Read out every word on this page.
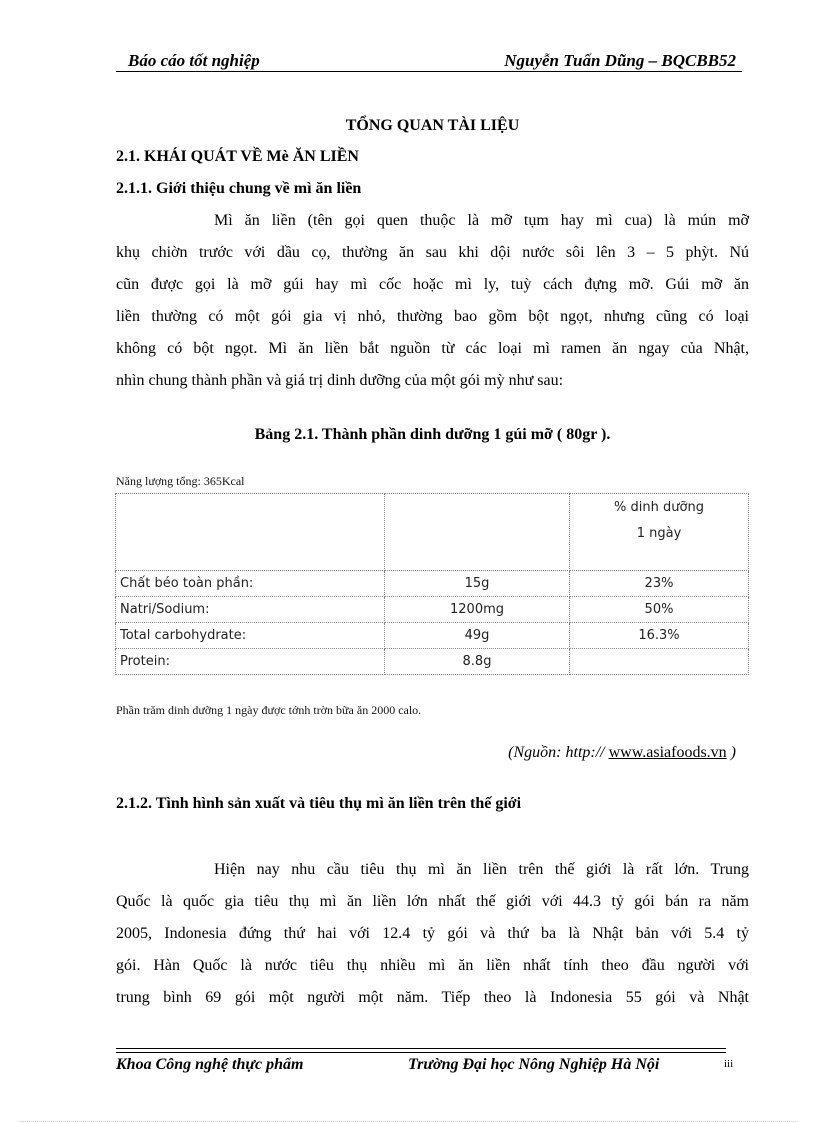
Báo cáo tốt nghiệp	Nguyễn Tuấn Dũng – BQCBB52
TỔNG QUAN TÀI LIỆU
2.1. KHÁI QUÁT VỀ Mè ĂN LIỀN
2.1.1. Giới thiệu chung về mì ăn liền
Mì ăn liền (tên gọi quen thuộc là mỡ tụm hay mì cua) là mún mỡ
khụ chiờn trước với dầu cọ, thường ăn sau khi dội nước sôi lên 3 – 5 phỳt. Nú
cũn được gọi là mỡ gúi hay mì cốc hoặc mì ly, tuỳ cách đựng mỡ. Gúi mỡ ăn
liền thường có một gói gia vị nhỏ, thường bao gồm bột ngọt, nhưng cũng có loại
không có bột ngọt. Mì ăn liền bắt nguồn từ các loại mì ramen ăn ngay của Nhật,
nhìn chung thành phần và giá trị dinh dưỡng của một gói mỳ như sau:
Bảng 2.1. Thành phần dinh dưỡng 1 gúi mỡ ( 80gr ).
Năng lượng tổng: 365Kcal

		% dinh dưỡng
1 ngày

Chất béo toàn phần:	15g	23%
Natri/Sodium:	1200mg	50%
Total carbohydrate:	49g	16.3%
Protein:	8.8g	
Phần trăm dinh dưỡng 1 ngày được tớnh trờn bữa ăn 2000 calo.
(Nguồn: http:// www.asiafoods.vn )
2.1.2. Tình hình sản xuất và tiêu thụ mì ăn liền trên thế giới
Hiện nay nhu cầu tiêu thụ mì ăn liền trên thế giới là rất lớn. Trung
Quốc là quốc gia tiêu thụ mì ăn liền lớn nhất thế giới với 44.3 tỷ gói bán ra năm
2005, Indonesia đứng thứ hai với 12.4 tỷ gói và thứ ba là Nhật bản với 5.4 tỷ
gói. Hàn Quốc là nước tiêu thụ nhiều mì ăn liền nhất tính theo đầu người với
trung bình 69 gói một người một năm. Tiếp theo là Indonesia 55 gói và Nhật
Khoa Công nghệ thực phẩm	Trường Đại học Nông Nghiệp Hà Nội	iii
